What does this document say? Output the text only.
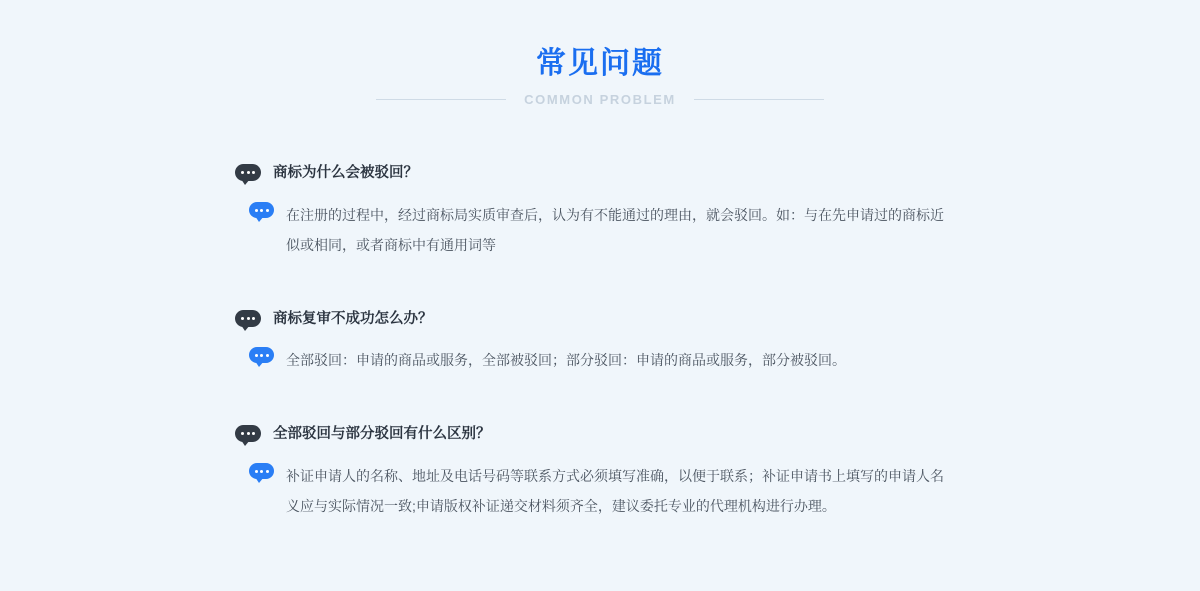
常见问题
COMMON PROBLEM
商标为什么会被驳回？
在注册的过程中，经过商标局实质审查后，认为有不能通过的理由，就会驳回。如：与在先申请过的商标近似或相同，或者商标中有通用词等
商标复审不成功怎么办？
全部驳回：申请的商品或服务，全部被驳回；部分驳回：申请的商品或服务，部分被驳回。
全部驳回与部分驳回有什么区别？
补证申请人的名称、地址及电话号码等联系方式必须填写准确，以便于联系；补证申请书上填写的申请人名义应与实际情况一致;申请版权补证递交材料须齐全，建议委托专业的代理机构进行办理。
